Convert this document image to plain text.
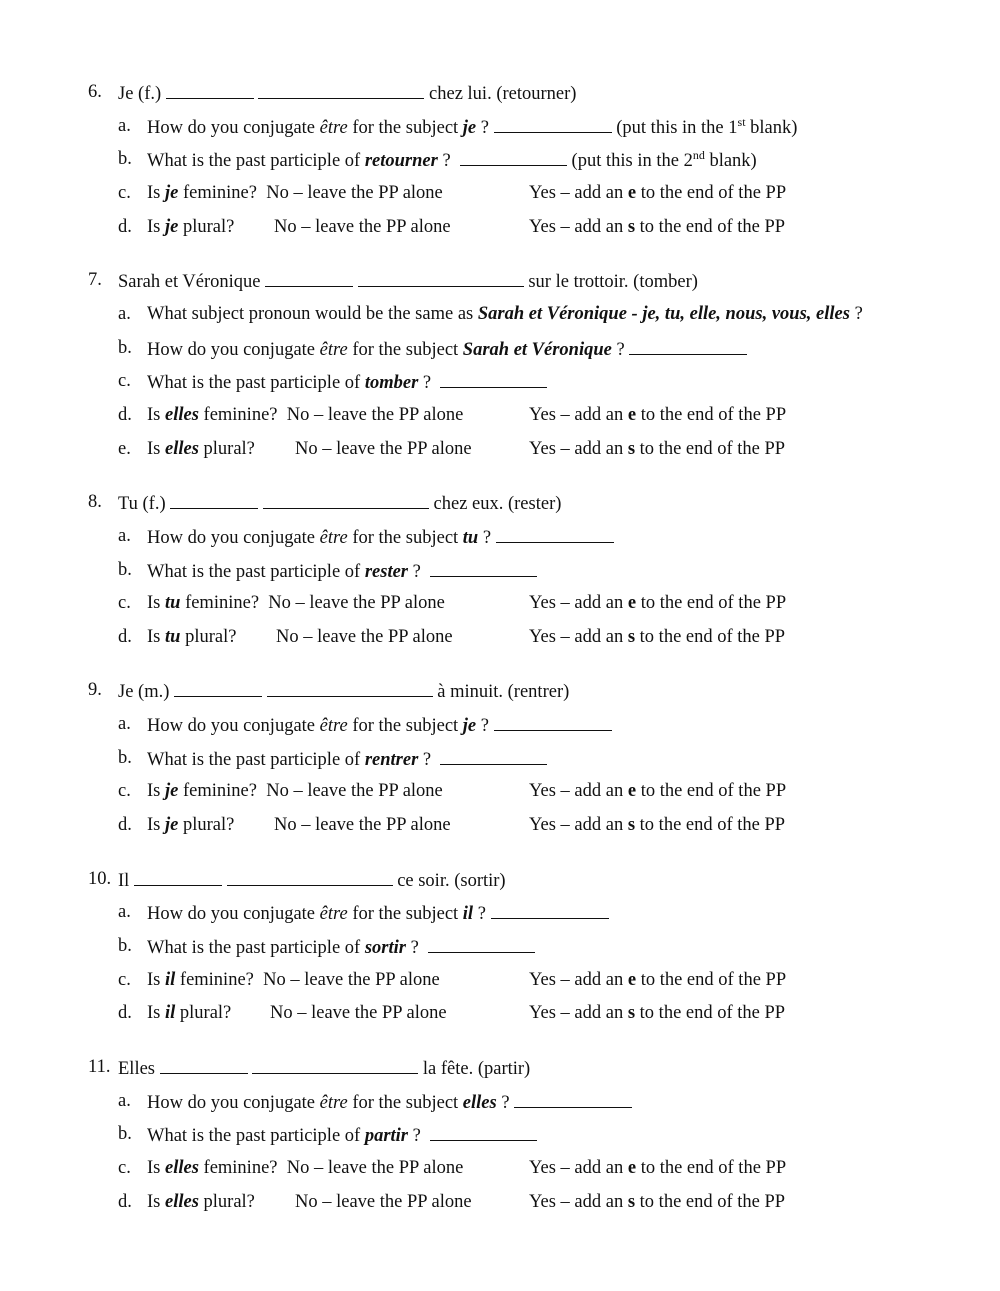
6. Je (f.)	chez lui. (retourner)
a. How do you conjugate être for the subject je ?	(put this in the 1st blank)
b. What is the past participle of retourner ?	(put this in the 2nd blank)
c. Is je feminine? No – leave the PP alone	Yes – add an e to the end of the PP
d. Is je plural? No – leave the PP alone	Yes – add an s to the end of the PP
7. Sarah et Véronique	sur le trottoir. (tomber)
a. What subject pronoun would be the same as Sarah et Véronique - je, tu, elle, nous, vous, elles ?
b. How do you conjugate être for the subject Sarah et Véronique ?
c. What is the past participle of tomber ?
d. Is elles feminine? No – leave the PP alone	Yes – add an e to the end of the PP
e. Is elles plural? No – leave the PP alone	Yes – add an s to the end of the PP
8. Tu (f.)	chez eux. (rester)
a. How do you conjugate être for the subject tu ?
b. What is the past participle of rester ?
c. Is tu feminine? No – leave the PP alone	Yes – add an e to the end of the PP
d. Is tu plural? No – leave the PP alone	Yes – add an s to the end of the PP
9. Je (m.)	à minuit. (rentrer)
a. How do you conjugate être for the subject je ?
b. What is the past participle of rentrer ?
c. Is je feminine? No – leave the PP alone	Yes – add an e to the end of the PP
d. Is je plural? No – leave the PP alone	Yes – add an s to the end of the PP
10. Il	ce soir. (sortir)
a. How do you conjugate être for the subject il ?
b. What is the past participle of sortir ?
c. Is il feminine? No – leave the PP alone	Yes – add an e to the end of the PP
d. Is il plural? No – leave the PP alone	Yes – add an s to the end of the PP
11. Elles	la fête. (partir)
a. How do you conjugate être for the subject elles ?
b. What is the past participle of partir ?
c. Is elles feminine? No – leave the PP alone	Yes – add an e to the end of the PP
d. Is elles plural? No – leave the PP alone	Yes – add an s to the end of the PP
